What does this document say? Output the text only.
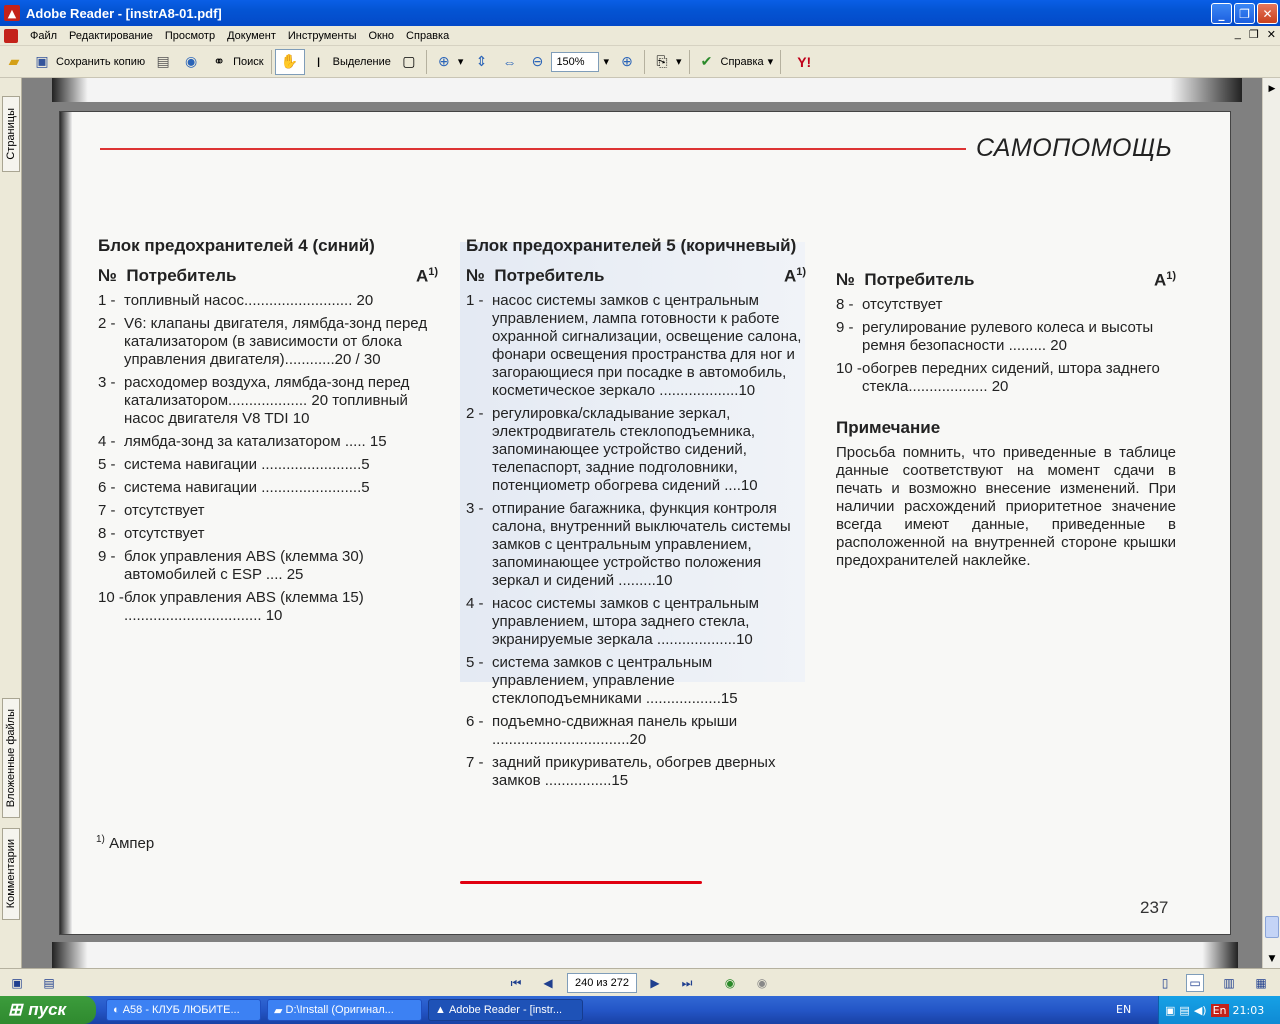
▲ Adobe Reader - [instrA8-01.pdf]	_	❐	✕
Файл	Редактирование	Просмотр	Документ	Инструменты	Окно	Справка	_ ❐ ✕
▰	▣ Сохранить копию ▤ ◉ ⚭ Поиск ✋	I	Выделение ▢ ⊕ ▾ ⇕ ⇔ ⊖	150%	▾ ⊕	⎘ ▾ ✔ Справка ▾	Y!
Страницы
Вложенные файлы
Комментарии
САМОПОМОЩЬ
Блок предохранителей 4 (синий)
№ Потребитель	$А^{1)}$
1 - топливный насос.......................... 20
2 - V6: клапаны двигателя, лямбда-зонд перед катализатором (в зависимости от блока управления двигателя)............20 / 30
3 - расходомер воздуха, лямбда-зонд перед катализатором................... 20 топливный насос двигателя V8 TDI 10
4 - лямбда-зонд за катализатором ..... 15
5 - система навигации ........................5
6 - система навигации ........................5
7 - отсутствует
8 - отсутствует
9 - блок управления ABS (клемма 30) автомобилей с ESP .... 25
10 - блок управления ABS (клемма 15) ................................. 10
Блок предохранителей 5 (коричневый)
№ Потребитель	$А^{1)}$
1 - насос системы замков с центральным управлением, лампа готовности к работе охранной сигнализации, освещение салона, фонари освещения пространства для ног и загорающиеся при посадке в автомобиль, косметическое зеркало ...................10
2 - регулировка/складывание зеркал, электродвигатель стеклоподъемника, запоминающее устройство сидений, телепаспорт, задние подголовники, потенциометр обогрева сидений ....10
3 - отпирание багажника, функция контроля салона, внутренний выключатель системы замков с центральным управлением, запоминающее устройство положения зеркал и сидений .........10
4 - насос системы замков с центральным управлением, штора заднего стекла, экранируемые зеркала ...................10
5 - система замков с центральным управлением, управление стеклоподъемниками ..................15
6 - подъемно-сдвижная панель крыши .................................20
7 - задний прикуриватель, обогрев дверных замков ................15
№ Потребитель	$А^{1)}$
8 - отсутствует
9 - регулирование рулевого колеса и высоты ремня безопасности ......... 20
10 - обогрев передних сидений, штора заднего стекла................... 20
Примечание
Просьба помнить, что приведенные в таблице данные соответствуют на момент сдачи в печать и возможно внесение изменений. При наличии расхождений приоритетное значение всегда имеют данные, приведенные в расположенной на внутренней стороне крышки предохранителей наклейке.
$^{1)}$ Ампер
237
▶
▼
▣ ▤	⏮	◀	240 из 272	▶	⏭	◉	◉	▯	▭ ▥ ▦
⊞ пуск	◐ А58 - КЛУБ ЛЮБИТЕ...	▰ D:\Install (Оригинал...	▲ Adobe Reader - [instr...	EN	▣ ▤ ◀) En 21:03
